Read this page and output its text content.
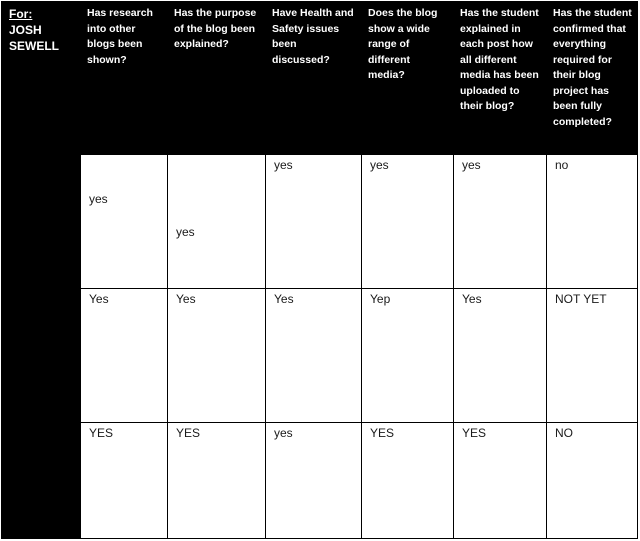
For:
JOSH
SEWELL	Has research into other blogs been shown?	Has the purpose of the blog been explained?	Have Health and Safety issues been discussed?	Does the blog show a wide range of different media?	Has the student explained in each post how all different media has been uploaded to their blog?	Has the student confirmed that everything required for their blog project has been fully completed?

	yes	yes	yes	yes	yes	no

	Yes	Yes	Yes	Yep	Yes	NOT YET

	YES	YES	yes	YES	YES	NO
